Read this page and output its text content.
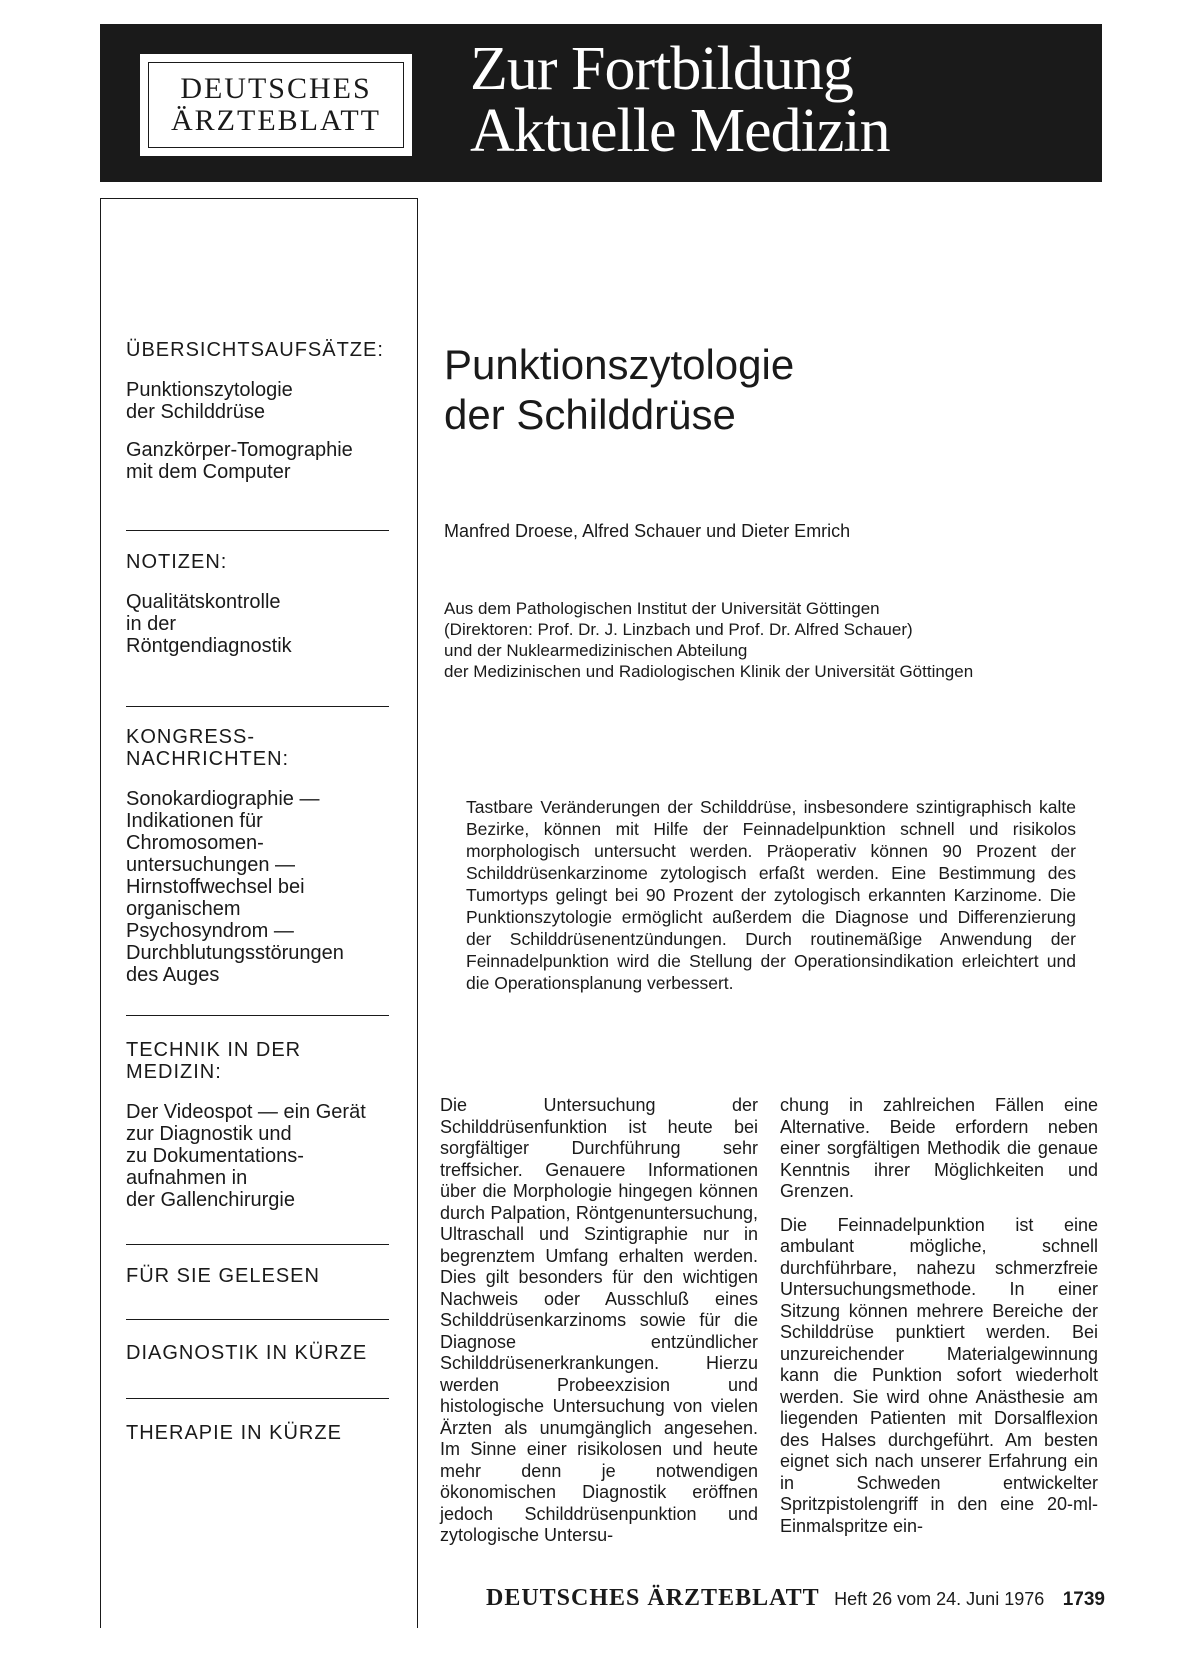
DEUTSCHES
ÄRZTEBLATT
Zur Fortbildung
Aktuelle Medizin
ÜBERSICHTSAUFSÄTZE:
Punktionszytologie
der Schilddrüse
Ganzkörper-Tomographie
mit dem Computer
NOTIZEN:
Qualitätskontrolle
in der
Röntgendiagnostik
KONGRESS-
NACHRICHTEN:
Sonokardiographie —
Indikationen für
Chromosomen-
untersuchungen —
Hirnstoffwechsel bei
organischem
Psychosyndrom —
Durchblutungsstörungen
des Auges
TECHNIK IN DER
MEDIZIN:
Der Videospot — ein Gerät
zur Diagnostik und
zu Dokumentations-
aufnahmen in
der Gallenchirurgie
FÜR SIE GELESEN
DIAGNOSTIK IN KÜRZE
THERAPIE IN KÜRZE
Punktionszytologie
der Schilddrüse
Manfred Droese, Alfred Schauer und Dieter Emrich
Aus dem Pathologischen Institut der Universität Göttingen
(Direktoren: Prof. Dr. J. Linzbach und Prof. Dr. Alfred Schauer)
und der Nuklearmedizinischen Abteilung
der Medizinischen und Radiologischen Klinik der Universität Göttingen
Tastbare Veränderungen der Schilddrüse, insbesondere szintigraphisch kalte Bezirke, können mit Hilfe der Feinnadelpunktion schnell und risikolos morphologisch untersucht werden. Präoperativ können 90 Prozent der Schilddrüsenkarzinome zytologisch erfaßt werden. Eine Bestimmung des Tumortyps gelingt bei 90 Prozent der zytologisch erkannten Karzinome. Die Punktionszytologie ermöglicht außerdem die Diagnose und Differenzierung der Schilddrüsenentzündungen. Durch routinemäßige Anwendung der Feinnadelpunktion wird die Stellung der Operationsindikation erleichtert und die Operationsplanung verbessert.

Die Untersuchung der Schilddrüsenfunktion ist heute bei sorgfältiger Durchführung sehr treffsicher. Genauere Informationen über die Morphologie hingegen können durch Palpation, Röntgenuntersuchung, Ultraschall und Szintigraphie nur in begrenztem Umfang erhalten werden. Dies gilt besonders für den wichtigen Nachweis oder Ausschluß eines Schilddrüsenkarzinoms sowie für die Diagnose entzündlicher Schilddrüsenerkrankungen. Hierzu werden Probeexzision und histologische Untersuchung von vielen Ärzten als unumgänglich angesehen. Im Sinne einer risikolosen und heute mehr denn je notwendigen ökonomischen Diagnostik eröffnen jedoch Schilddrüsenpunktion und zytologische Untersu-

chung in zahlreichen Fällen eine Alternative. Beide erfordern neben einer sorgfältigen Methodik die genaue Kenntnis ihrer Möglichkeiten und Grenzen.

Die Feinnadelpunktion ist eine ambulant mögliche, schnell durchführbare, nahezu schmerzfreie Untersuchungsmethode. In einer Sitzung können mehrere Bereiche der Schilddrüse punktiert werden. Bei unzureichender Materialgewinnung kann die Punktion sofort wiederholt werden. Sie wird ohne Anästhesie am liegenden Patienten mit Dorsalflexion des Halses durchgeführt. Am besten eignet sich nach unserer Erfahrung ein in Schweden entwickelter Spritzpistolengriff in den eine 20-ml-Einmalspritze ein-

DEUTSCHES ÄRZTEBLATT Heft 26 vom 24. Juni 1976 1739
